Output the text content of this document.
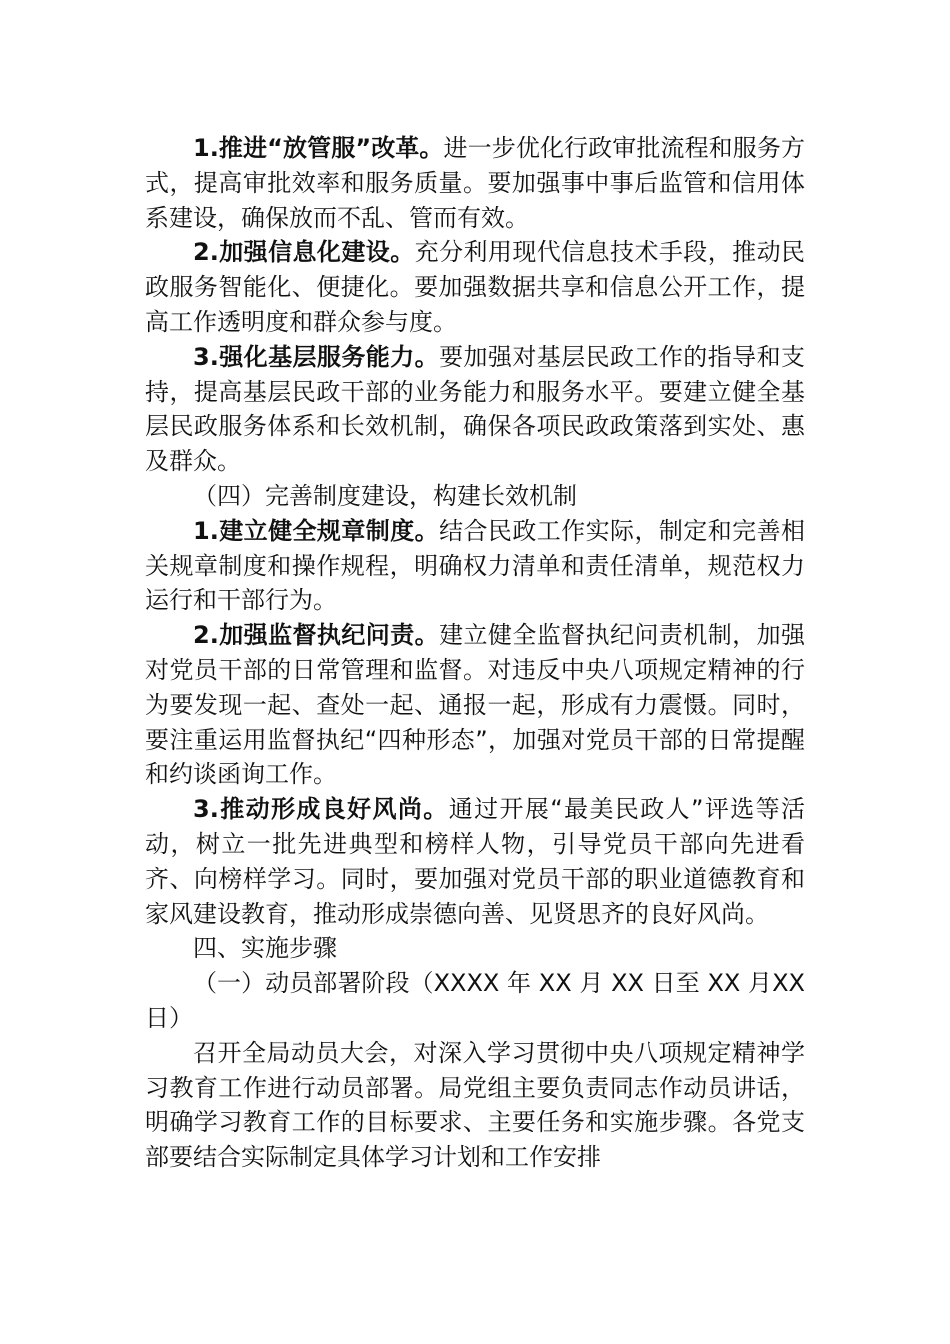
1.推进“放管服”改革。进一步优化行政审批流程和服务方式，提高审批效率和服务质量。要加强事中事后监管和信用体系建设，确保放而不乱、管而有效。

2.加强信息化建设。充分利用现代信息技术手段，推动民政服务智能化、便捷化。要加强数据共享和信息公开工作，提高工作透明度和群众参与度。

3.强化基层服务能力。要加强对基层民政工作的指导和支持，提高基层民政干部的业务能力和服务水平。要建立健全基层民政服务体系和长效机制，确保各项民政政策落到实处、惠及群众。

（四）完善制度建设，构建长效机制

1.建立健全规章制度。结合民政工作实际，制定和完善相关规章制度和操作规程，明确权力清单和责任清单，规范权力运行和干部行为。

2.加强监督执纪问责。建立健全监督执纪问责机制，加强对党员干部的日常管理和监督。对违反中央八项规定精神的行为要发现一起、查处一起、通报一起，形成有力震慑。同时，要注重运用监督执纪“四种形态”，加强对党员干部的日常提醒和约谈函询工作。

3.推动形成良好风尚。通过开展“最美民政人”评选等活动，树立一批先进典型和榜样人物，引导党员干部向先进看齐、向榜样学习。同时，要加强对党员干部的职业道德教育和家风建设教育，推动形成崇德向善、见贤思齐的良好风尚。

四、实施步骤

（一）动员部署阶段（XXXX 年 XX 月 XX 日至 XX 月XX 日）

召开全局动员大会，对深入学习贯彻中央八项规定精神学习教育工作进行动员部署。局党组主要负责同志作动员讲话，明确学习教育工作的目标要求、主要任务和实施步骤。各党支部要结合实际制定具体学习计划和工作安排
